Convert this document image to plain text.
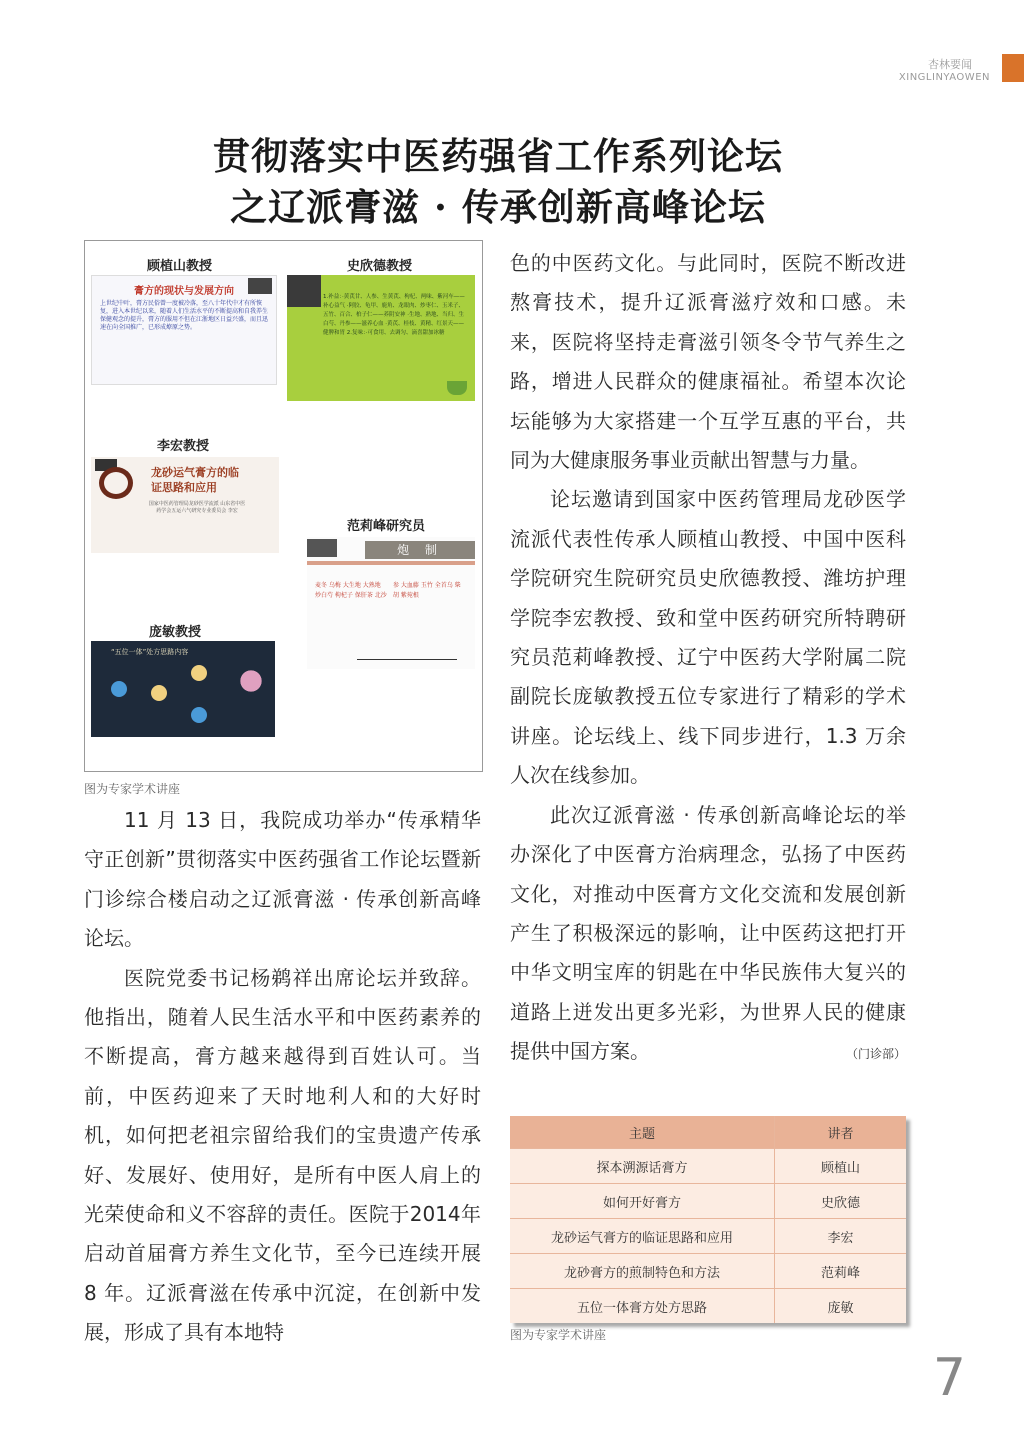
杏林要闻
XINGLINYAOWEN
贯彻落实中医药强省工作系列论坛
之辽派膏滋 · 传承创新高峰论坛
顾植山教授	史欣德教授
膏方的现状与发展方向
上世纪中叶，膏方民俗曾一度被冷落，至八十年代中才有所恢复，进入本世纪以来，随着人们生活水平的不断提高和自我养生保健观念的提升，膏方的服用不但在江浙地区日益兴盛，而且迅速在向全国推广，已形成燎原之势。
1.补益：·黄芪甘、人参、生黄芪、枸杞、两味、紫河车——补心益气 ·阿胶、龟甲、鹿角、龙眼肉、炒枣仁、玉米子、五竹、百合、柏子仁——养阴安神 ·生地、熟地、当归、生白芍、丹参——滋养心血 ·黄芪、桂枝、黄精、红景天——健脾和胃 2.复味：·可食用、去调匀、滴喜甜加冰糖
李宏教授
龙砂运气膏方的临证思路和应用
国家中医药管理局龙砂医学流派 山东省中医药学会五运六气研究专业委员会 李宏
范莉峰研究员
炮 制
麦冬 乌梅 大生地 大熟地 炒白芍 枸杞子 保肝茶 北沙参 大血藤 玉竹 全首乌 柴胡 紫菀根
庞敏教授
“五位一体”处方思路内容
图为专家学术讲座

11 月 13 日，我院成功举办“传承精华 守正创新”贯彻落实中医药强省工作论坛暨新门诊综合楼启动之辽派膏滋 · 传承创新高峰论坛。

医院党委书记杨鹈祥出席论坛并致辞。他指出，随着人民生活水平和中医药素养的不断提高，膏方越来越得到百姓认可。当前，中医药迎来了天时地利人和的大好时机，如何把老祖宗留给我们的宝贵遗产传承好、发展好、使用好，是所有中医人肩上的光荣使命和义不容辞的责任。医院于2014年启动首届膏方养生文化节，至今已连续开展 8 年。辽派膏滋在传承中沉淀，在创新中发展，形成了具有本地特

色的中医药文化。与此同时，医院不断改进熬膏技术，提升辽派膏滋疗效和口感。未来，医院将坚持走膏滋引领冬令节气养生之路，增进人民群众的健康福祉。希望本次论坛能够为大家搭建一个互学互惠的平台，共同为大健康服务事业贡献出智慧与力量。

论坛邀请到国家中医药管理局龙砂医学流派代表性传承人顾植山教授、中国中医科学院研究生院研究员史欣德教授、潍坊护理学院李宏教授、致和堂中医药研究所特聘研究员范莉峰教授、辽宁中医药大学附属二院副院长庞敏教授五位专家进行了精彩的学术讲座。论坛线上、线下同步进行，1.3 万余人次在线参加。

此次辽派膏滋 · 传承创新高峰论坛的举办深化了中医膏方治病理念，弘扬了中医药文化，对推动中医膏方文化交流和发展创新产生了积极深远的影响，让中医药这把打开中华文明宝库的钥匙在中华民族伟大复兴的道路上迸发出更多光彩，为世界人民的健康提供中国方案。	（门诊部）

主题	讲者
探本溯源话膏方	顾植山
如何开好膏方	史欣德
龙砂运气膏方的临证思路和应用	李宏
龙砂膏方的煎制特色和方法	范莉峰
五位一体膏方处方思路	庞敏
图为专家学术讲座
7
